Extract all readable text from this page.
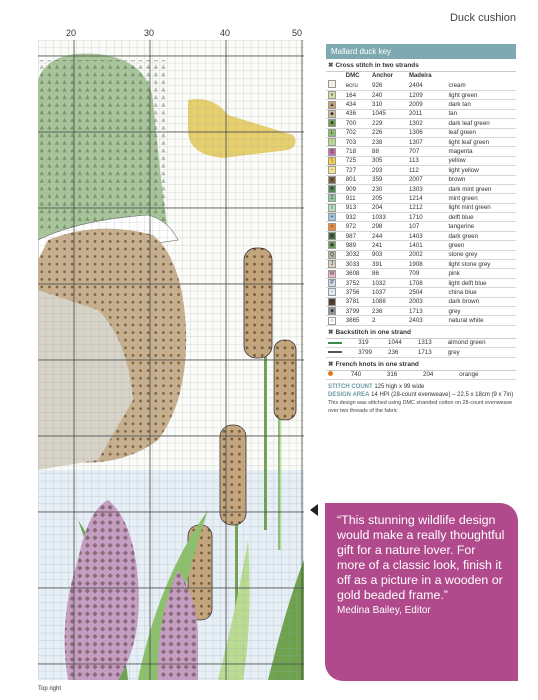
Duck cushion
20	30	40	50
Top right
Mallard duck key
✖ Cross stitch in two strands
	DMC	Anchor	Madeira	
	ecru	926	2404	cream
v	164	240	1209	light green
▲	434	310	2009	dark tan
◆	436	1045	2011	tan
■	700	229	1302	dark leaf green
L	702	226	1306	leaf green
↑	703	238	1307	light leaf green
S	718	88	707	magenta
\	725	305	113	yellow
−	727	293	112	light yellow
●	801	359	2007	brown
▼	909	230	1303	dark mint green
1	911	205	1214	mint green
I	913	204	1212	light mint green
+	932	1033	1710	delft blue
<	972	298	107	tangerine
■	987	244	1403	dark green
◆	989	241	1401	green
Q	3032	903	2002	stone grey
J	3033	391	1908	light stone grey
W	3608	86	709	pink
P	3752	1032	1708	light delft blue
◦	3756	1037	2504	china blue
■	3781	1088	2003	dark brown
■	3799	236	1713	grey
∩	3865	2	2403	natural white
✖ Backstitch in one strand
	319	1044	1313	almond green
	3799	236	1713	grey
✖ French knots in one strand
	740	316	204	orange
STITCH COUNT 125 high x 99 wide
DESIGN AREA 14 HPI (28-count evenweave) – 22.5 x 18cm (9 x 7in)
This design was stitched using DMC stranded cotton on 28-count evenweave over two threads of the fabric

“This stunning wildlife design would make a really thoughtful gift for a nature lover. For more of a classic look, finish it off as a picture in a wooden or gold beaded frame.”

Medina Bailey, Editor
